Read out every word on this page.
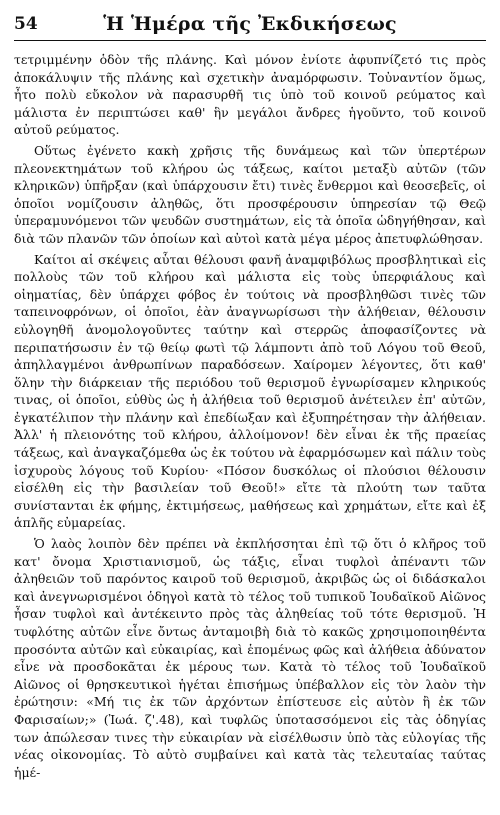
54	Ἡ Ἡμέρα τῆς Ἐκδικήσεως

τετριμμένην ὁδὸν τῆς πλάνης. Καὶ μόνον ἐνίοτε ἀφυπνίζετό τις πρὸς ἀποκάλυψιν τῆς πλάνης καὶ σχετικὴν ἀναμόρφωσιν. Τοὐναντίον ὅμως, ἦτο πολὺ εὔκολον νὰ παρασυρθῆ τις ὑπὸ τοῦ κοινοῦ ρεύματος καὶ μάλιστα ἐν περιπτώσει καθ' ἣν μεγάλοι ἄνδρες ἡγοῦντο, τοῦ κοινοῦ αὐτοῦ ρεύματος.

Οὕτως ἐγένετο κακὴ χρῆσις τῆς δυνάμεως καὶ τῶν ὑπερτέρων πλεονεκτημάτων τοῦ κλήρου ὡς τάξεως, καίτοι μεταξὺ αὐτῶν (τῶν κληρικῶν) ὑπῆρξαν (καὶ ὑπάρχουσιν ἔτι) τινὲς ἔνθερμοι καὶ θεοσεβεῖς, οἱ ὁποῖοι νομίζουσιν ἀληθῶς, ὅτι προσφέρουσιν ὑπηρεσίαν τῷ Θεῷ ὑπεραμυνόμενοι τῶν ψευδῶν συστημάτων, εἰς τὰ ὁποῖα ὡδηγήθησαν, καὶ διὰ τῶν πλανῶν τῶν ὁποίων καὶ αὐτοὶ κατὰ μέγα μέρος ἀπετυφλώθησαν.

Καίτοι αἱ σκέψεις αὗται θέλουσι φανῆ ἀναμφιβόλως προσβλητικαὶ εἰς πολλοὺς τῶν τοῦ κλήρου καὶ μάλιστα εἰς τοὺς ὑπερφιάλους καὶ οἰηματίας, δὲν ὑπάρχει φόβος ἐν τούτοις νὰ προσβληθῶσι τινὲς τῶν ταπεινοφρόνων, οἱ ὁποῖοι, ἐὰν ἀναγνωρίσωσι τὴν ἀλήθειαν, θέλουσιν εὐλογηθῆ ἀνομολογοῦντες ταύτην καὶ στερρῶς ἀποφασίζοντες νὰ περιπατήσωσιν ἐν τῷ θείῳ φωτὶ τῷ λάμποντι ἀπὸ τοῦ Λόγου τοῦ Θεοῦ, ἀπηλλαγμένοι ἀνθρωπίνων παραδόσεων. Χαίρομεν λέγοντες, ὅτι καθ' ὅλην τὴν διάρκειαν τῆς περιόδου τοῦ θερισμοῦ ἐγνωρίσαμεν κληρικούς τινας, οἱ ὁποῖοι, εὐθὺς ὡς ἡ ἀλήθεια τοῦ θερισμοῦ ἀνέτειλεν ἐπ' αὐτῶν, ἐγκατέλιπον τὴν πλάνην καὶ ἐπεδίωξαν καὶ ἐξυπηρέτησαν τὴν ἀλήθειαν. Ἀλλ' ἡ πλειονότης τοῦ κλήρου, ἀλλοίμονον! δὲν εἶναι ἐκ τῆς πραείας τάξεως, καὶ ἀναγκαζόμεθα ὡς ἐκ τούτου νὰ ἐφαρμόσωμεν καὶ πάλιν τοὺς ἰσχυροὺς λόγους τοῦ Κυρίου· «Πόσον δυσκόλως οἱ πλούσιοι θέλουσιν εἰσέλθη εἰς τὴν βασιλείαν τοῦ Θεοῦ!» εἴτε τὰ πλούτη των ταῦτα συνίστανται ἐκ φήμης, ἐκτιμήσεως, μαθήσεως καὶ χρημάτων, εἴτε καὶ ἐξ ἁπλῆς εὐμαρείας.

Ὁ λαὸς λοιπὸν δὲν πρέπει νὰ ἐκπλήσσηται ἐπὶ τῷ ὅτι ὁ κλῆρος τοῦ κατ' ὄνομα Χριστιανισμοῦ, ὡς τάξις, εἶναι τυφλοὶ ἀπέναντι τῶν ἀληθειῶν τοῦ παρόντος καιροῦ τοῦ θερισμοῦ, ἀκριβῶς ὡς οἱ διδάσκαλοι καὶ ἀνεγνωρισμένοι ὁδηγοὶ κατὰ τὸ τέλος τοῦ τυπικοῦ Ἰουδαϊκοῦ Αἰῶνος ἦσαν τυφλοὶ καὶ ἀντέκειντο πρὸς τὰς ἀληθείας τοῦ τότε θερισμοῦ. Ἡ τυφλότης αὐτῶν εἶνε ὄντως ἀνταμοιβὴ διὰ τὸ κακῶς χρησιμοποιηθέντα προσόντα αὐτῶν καὶ εὐκαιρίας, καὶ ἑπομένως φῶς καὶ ἀλήθεια ἀδύνατον εἶνε νὰ προσδοκᾶται ἐκ μέρους των. Κατὰ τὸ τέλος τοῦ Ἰουδαϊκοῦ Αἰῶνος οἱ θρησκευτικοὶ ἡγέται ἐπισήμως ὑπέβαλλον εἰς τὸν λαὸν τὴν ἐρώτησιν: «Μή τις ἐκ τῶν ἀρχόντων ἐπίστευσε εἰς αὐτὸν ἢ ἐκ τῶν Φαρισαίων;» (Ἰωά. ζ'.48), καὶ τυφλῶς ὑποτασσόμενοι εἰς τὰς ὁδηγίας των ἀπώλεσαν τινες τὴν εὐκαιρίαν νὰ εἰσέλθωσιν ὑπὸ τὰς εὐλογίας τῆς νέας οἰκονομίας. Τὸ αὐτὸ συμβαίνει καὶ κατὰ τὰς τελευταίας ταύτας ἡμέ-
